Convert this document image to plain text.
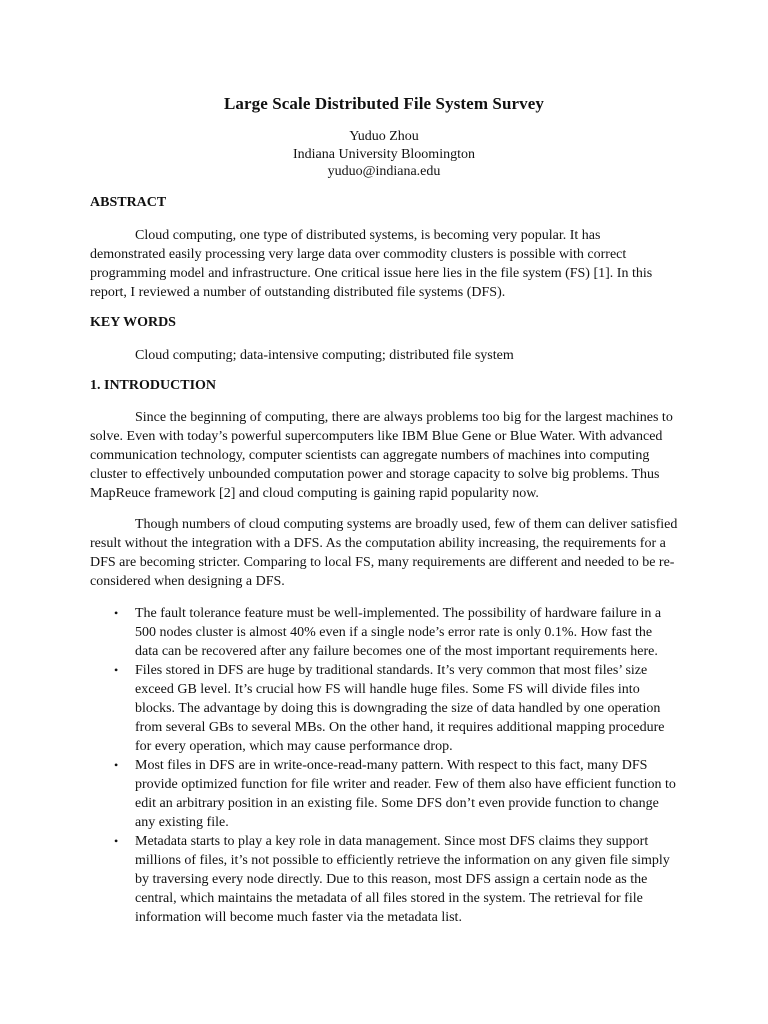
Large Scale Distributed File System Survey
Yuduo Zhou
Indiana University Bloomington
yuduo@indiana.edu
ABSTRACT

Cloud computing, one type of distributed systems, is becoming very popular. It has demonstrated easily processing very large data over commodity clusters is possible with correct programming model and infrastructure. One critical issue here lies in the file system (FS) [1]. In this report, I reviewed a number of outstanding distributed file systems (DFS).

KEY WORDS

Cloud computing; data-intensive computing; distributed file system

1. INTRODUCTION

Since the beginning of computing, there are always problems too big for the largest machines to solve. Even with today’s powerful supercomputers like IBM Blue Gene or Blue Water. With advanced communication technology, computer scientists can aggregate numbers of machines into computing cluster to effectively unbounded computation power and storage capacity to solve big problems. Thus MapReuce framework [2] and cloud computing is gaining rapid popularity now.

Though numbers of cloud computing systems are broadly used, few of them can deliver satisfied result without the integration with a DFS. As the computation ability increasing, the requirements for a DFS are becoming stricter. Comparing to local FS, many requirements are different and needed to be re-considered when designing a DFS.

• The fault tolerance feature must be well-implemented. The possibility of hardware failure in a 500 nodes cluster is almost 40% even if a single node’s error rate is only 0.1%. How fast the data can be recovered after any failure becomes one of the most important requirements here.
• Files stored in DFS are huge by traditional standards. It’s very common that most files’ size exceed GB level. It’s crucial how FS will handle huge files. Some FS will divide files into blocks. The advantage by doing this is downgrading the size of data handled by one operation from several GBs to several MBs. On the other hand, it requires additional mapping procedure for every operation, which may cause performance drop.
• Most files in DFS are in write-once-read-many pattern. With respect to this fact, many DFS provide optimized function for file writer and reader. Few of them also have efficient function to edit an arbitrary position in an existing file. Some DFS don’t even provide function to change any existing file.
• Metadata starts to play a key role in data management. Since most DFS claims they support millions of files, it’s not possible to efficiently retrieve the information on any given file simply by traversing every node directly. Due to this reason, most DFS assign a certain node as the central, which maintains the metadata of all files stored in the system. The retrieval for file information will become much faster via the metadata list.
